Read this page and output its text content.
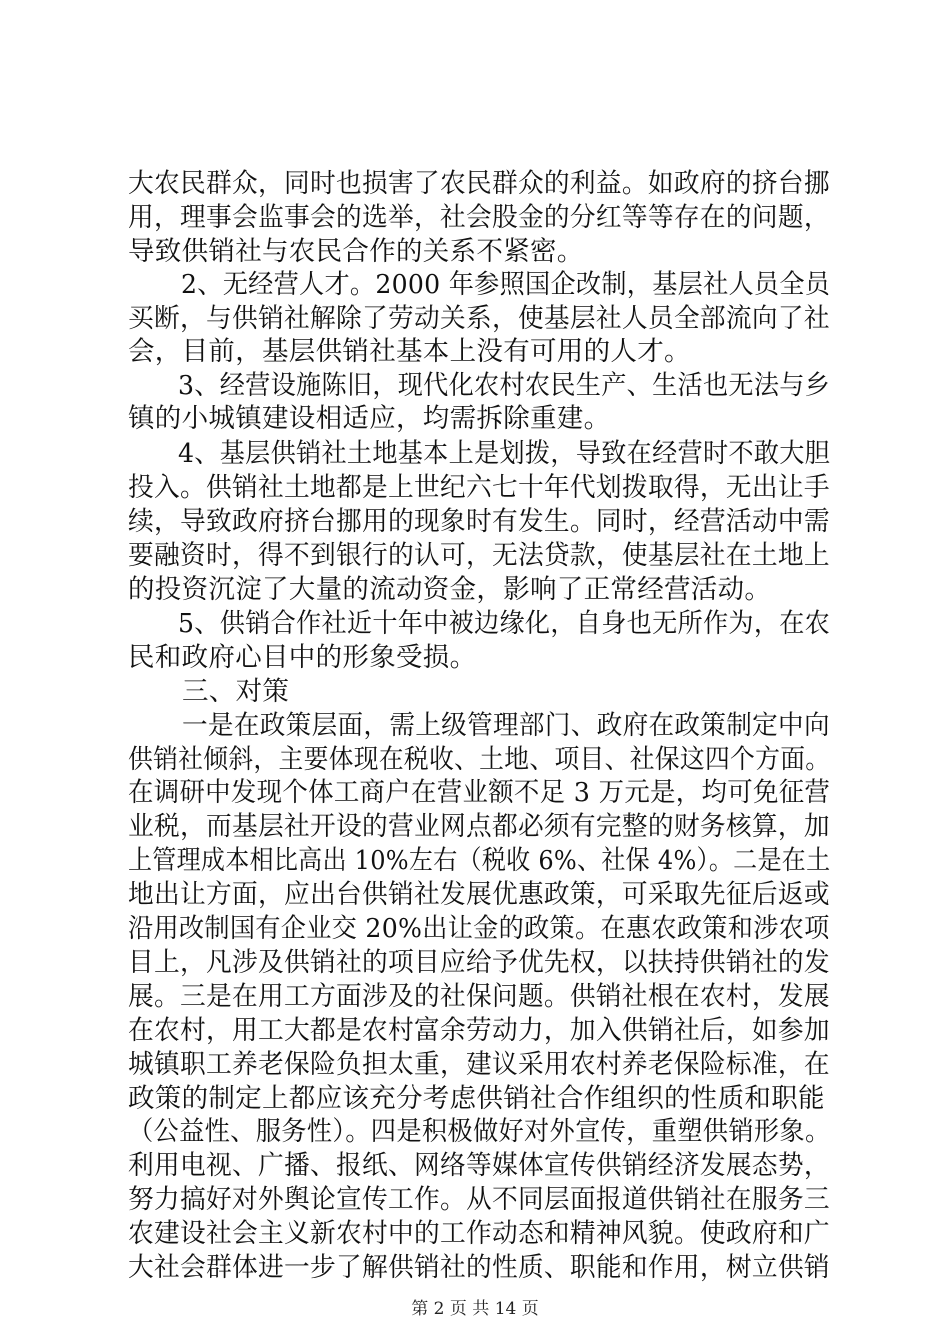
大农民群众，同时也损害了农民群众的利益。如政府的挤台挪
用，理事会监事会的选举，社会股金的分红等等存在的问题，
导致供销社与农民合作的关系不紧密。
2、无经营人才。2000 年参照国企改制，基层社人员全员
买断，与供销社解除了劳动关系，使基层社人员全部流向了社
会，目前，基层供销社基本上没有可用的人才。
3、经营设施陈旧，现代化农村农民生产、生活也无法与乡
镇的小城镇建设相适应，均需拆除重建。
4、基层供销社土地基本上是划拨，导致在经营时不敢大胆
投入。供销社土地都是上世纪六七十年代划拨取得，无出让手
续，导致政府挤台挪用的现象时有发生。同时，经营活动中需
要融资时，得不到银行的认可，无法贷款，使基层社在土地上
的投资沉淀了大量的流动资金，影响了正常经营活动。
5、供销合作社近十年中被边缘化，自身也无所作为，在农
民和政府心目中的形象受损。
三、对策
一是在政策层面，需上级管理部门、政府在政策制定中向
供销社倾斜，主要体现在税收、土地、项目、社保这四个方面。
在调研中发现个体工商户在营业额不足 3 万元是，均可免征营
业税，而基层社开设的营业网点都必须有完整的财务核算，加
上管理成本相比高出 10%左右（税收 6%、社保 4%）。二是在土
地出让方面，应出台供销社发展优惠政策，可采取先征后返或
沿用改制国有企业交 20%出让金的政策。在惠农政策和涉农项
目上，凡涉及供销社的项目应给予优先权，以扶持供销社的发
展。三是在用工方面涉及的社保问题。供销社根在农村，发展
在农村，用工大都是农村富余劳动力，加入供销社后，如参加
城镇职工养老保险负担太重，建议采用农村养老保险标准，在
政策的制定上都应该充分考虑供销社合作组织的性质和职能
（公益性、服务性）。四是积极做好对外宣传，重塑供销形象。
利用电视、广播、报纸、网络等媒体宣传供销经济发展态势，
努力搞好对外舆论宣传工作。从不同层面报道供销社在服务三
农建设社会主义新农村中的工作动态和精神风貌。使政府和广
大社会群体进一步了解供销社的性质、职能和作用，树立供销
第 2 页 共 14 页
